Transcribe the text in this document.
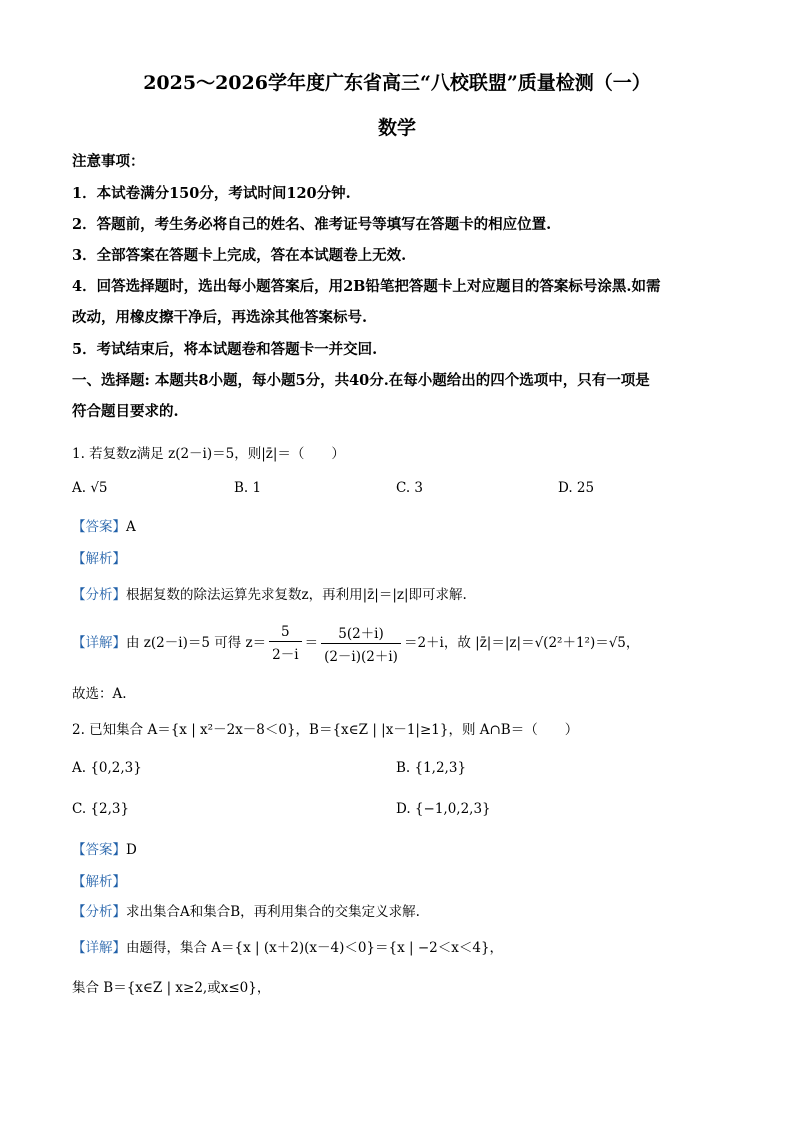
2025～2026学年度广东省高三“八校联盟”质量检测（一）
数学
注意事项：
1．本试卷满分150分，考试时间120分钟.
2．答题前，考生务必将自己的姓名、准考证号等填写在答题卡的相应位置.
3．全部答案在答题卡上完成，答在本试题卷上无效.
4．回答选择题时，选出每小题答案后，用2B铅笔把答题卡上对应题目的答案标号涂黑.如需
改动，用橡皮擦干净后，再选涂其他答案标号.
5．考试结束后，将本试题卷和答题卡一并交回.
一、选择题: 本题共8小题，每小题5分，共40分.在每小题给出的四个选项中，只有一项是
符合题目要求的.
1. 若复数z满足 z(2－i)＝5，则|z̄|＝（　　）
A. √5	B. 1	C. 3	D. 25
【答案】A
【解析】
【分析】根据复数的除法运算先求复数z，再利用|z̄|＝|z|即可求解.
【详解】由 z(2－i)＝5 可得 $z= \frac{5}{2-i} = \frac{5(2+i)}{(2-i)(2+i)} =2+i$，故 |z̄|＝|z|＝√(2²＋1²)＝√5，
故选：A.
2. 已知集合 A＝{x | x²－2x－8＜0}，B＝{x∈Z | |x－1|≥1}，则 A∩B＝（　　）
A. {0,2,3}	B. {1,2,3}
C. {2,3}	D. {−1,0,2,3}
【答案】D
【解析】
【分析】求出集合A和集合B，再利用集合的交集定义求解.
【详解】由题得，集合 A＝{x | (x＋2)(x－4)＜0}＝{x | −2＜x＜4}，
集合 B＝{x∈Z | x≥2,或x≤0}，
